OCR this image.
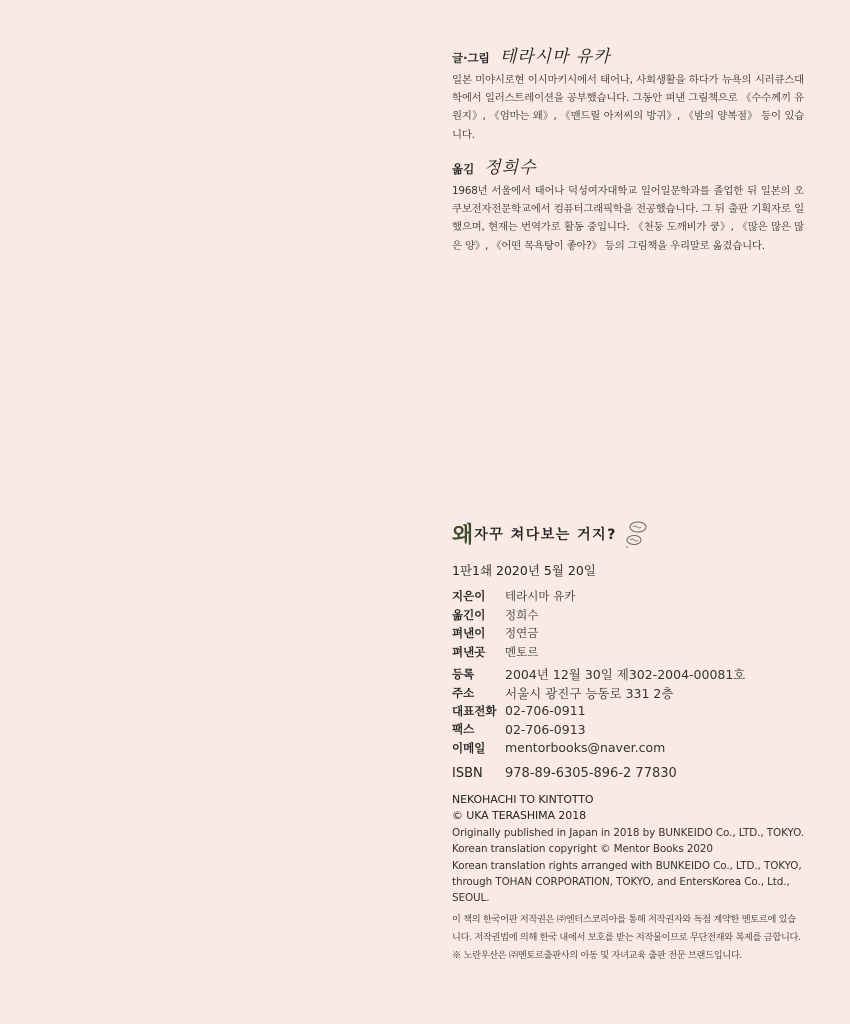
글·그림 테라시마 유카

일본 미야시로현 이시마키시에서 태어나, 사회생활을 하다가 뉴욕의 시러큐스대학에서 일러스트레이션을 공부했습니다. 그동안 펴낸 그림책으로 《수수께끼 유원지》, 《엄마는 왜》, 《맨드릴 아저씨의 방귀》, 《밤의 양복점》 등이 있습니다.

옮김 정희수

1968년 서울에서 태어나 덕성여자대학교 일어일문학과를 졸업한 뒤 일본의 오쿠보전자전문학교에서 컴퓨터그래픽학을 전공했습니다. 그 뒤 출판 기획자로 일했으며, 현재는 번역가로 활동 중입니다. 《천둥 도깨비가 쿵》, 《많은 많은 많은 양》, 《어떤 목욕탕이 좋아?》 등의 그림책을 우리말로 옮겼습니다.

왜 자꾸 쳐다보는 거지?
1판1쇄 2020년 5월 20일
지은이	테라시마 유카
옮긴이	정희수
펴낸이	정연금
펴낸곳	멘토르
등록	2004년 12월 30일 제302-2004-00081호
주소	서울시 광진구 능동로 331 2층
대표전화 02-706-0911
팩스	02-706-0913
이메일	mentorbooks@naver.com
ISBN	978-89-6305-896-2 77830
NEKOHACHI TO KINTOTTO
© UKA TERASHIMA 2018
Originally published in Japan in 2018 by BUNKEIDO Co., LTD., TOKYO.
Korean translation copyright © Mentor Books 2020
Korean translation rights arranged with BUNKEIDO Co., LTD., TOKYO,
through TOHAN CORPORATION, TOKYO, and EntersKorea Co., Ltd.,
SEOUL.

이 책의 한국어판 저작권은 ㈜엔터스코리아를 통해 저작권자와 독점 계약한 멘토르에 있습니다. 저작권법에 의해 한국 내에서 보호를 받는 저작물이므로 무단전재와 복제를 금합니다.

※ 노란우산은 ㈜멘토르출판사의 아동 및 자녀교육 출판 전문 브랜드입니다.
